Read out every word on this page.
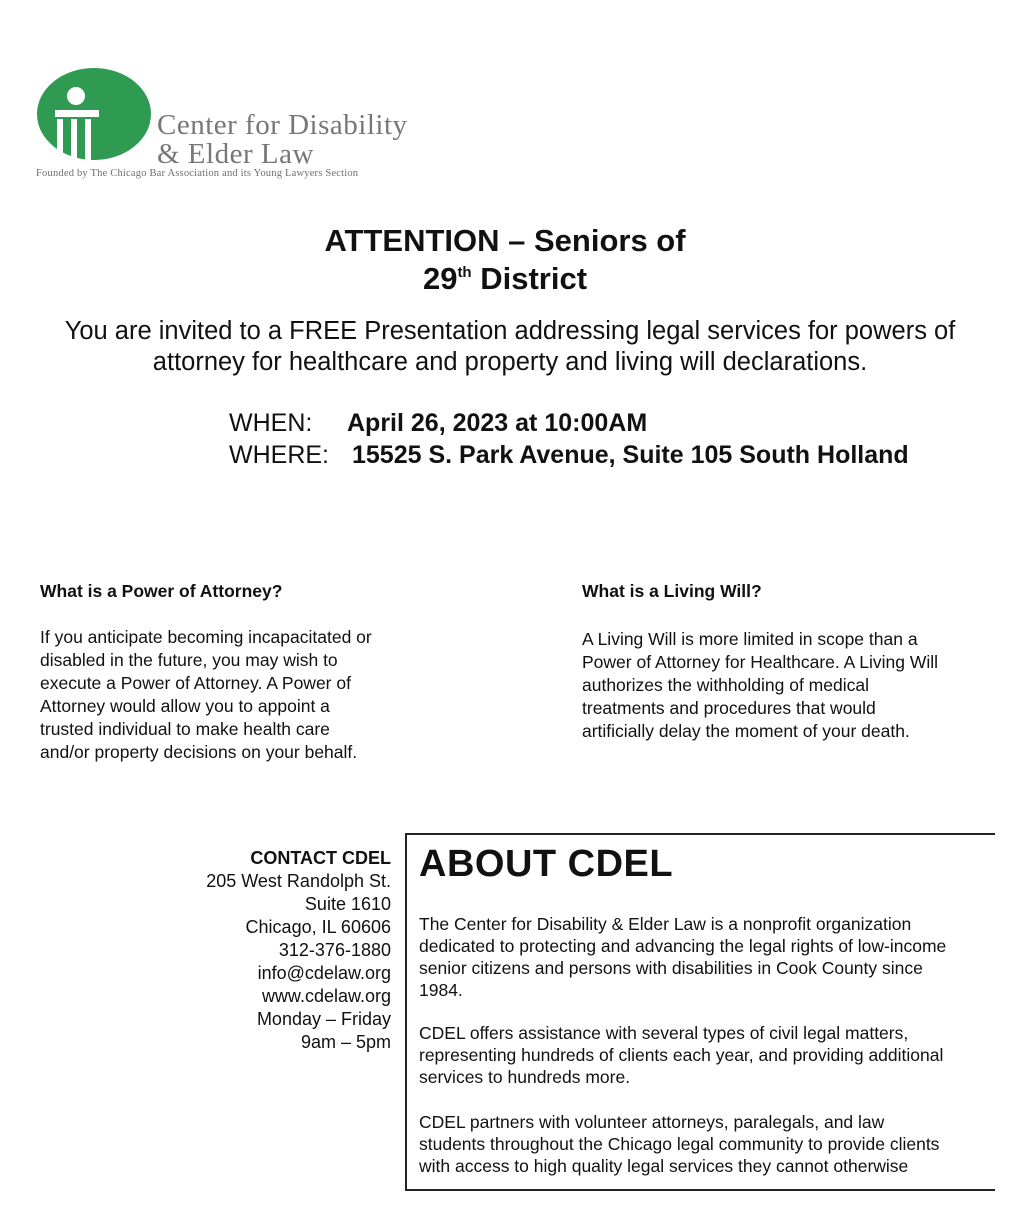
Center for Disability
& Elder Law
Founded by The Chicago Bar Association and its Young Lawyers Section
ATTENTION – Seniors of
29th District
You are invited to a FREE Presentation addressing legal services for powers of attorney for healthcare and property and living will declarations.
WHEN: April 26, 2023 at 10:00AM
WHERE: 15525 S. Park Avenue, Suite 105 South Holland
What is a Power of Attorney?
If you anticipate becoming incapacitated or
disabled in the future, you may wish to
execute a Power of Attorney. A Power of
Attorney would allow you to appoint a
trusted individual to make health care
and/or property decisions on your behalf.
What is a Living Will?
A Living Will is more limited in scope than a
Power of Attorney for Healthcare. A Living Will
authorizes the withholding of medical
treatments and procedures that would
artificially delay the moment of your death.
CONTACT CDEL
205 West Randolph St.
Suite 1610
Chicago, IL 60606
312-376-1880
info@cdelaw.org
www.cdelaw.org
Monday – Friday
9am – 5pm
ABOUT CDEL
The Center for Disability & Elder Law is a nonprofit organization
dedicated to protecting and advancing the legal rights of low-income
senior citizens and persons with disabilities in Cook County since
1984.
CDEL offers assistance with several types of civil legal matters,
representing hundreds of clients each year, and providing additional
services to hundreds more.
CDEL partners with volunteer attorneys, paralegals, and law
students throughout the Chicago legal community to provide clients
with access to high quality legal services they cannot otherwise
